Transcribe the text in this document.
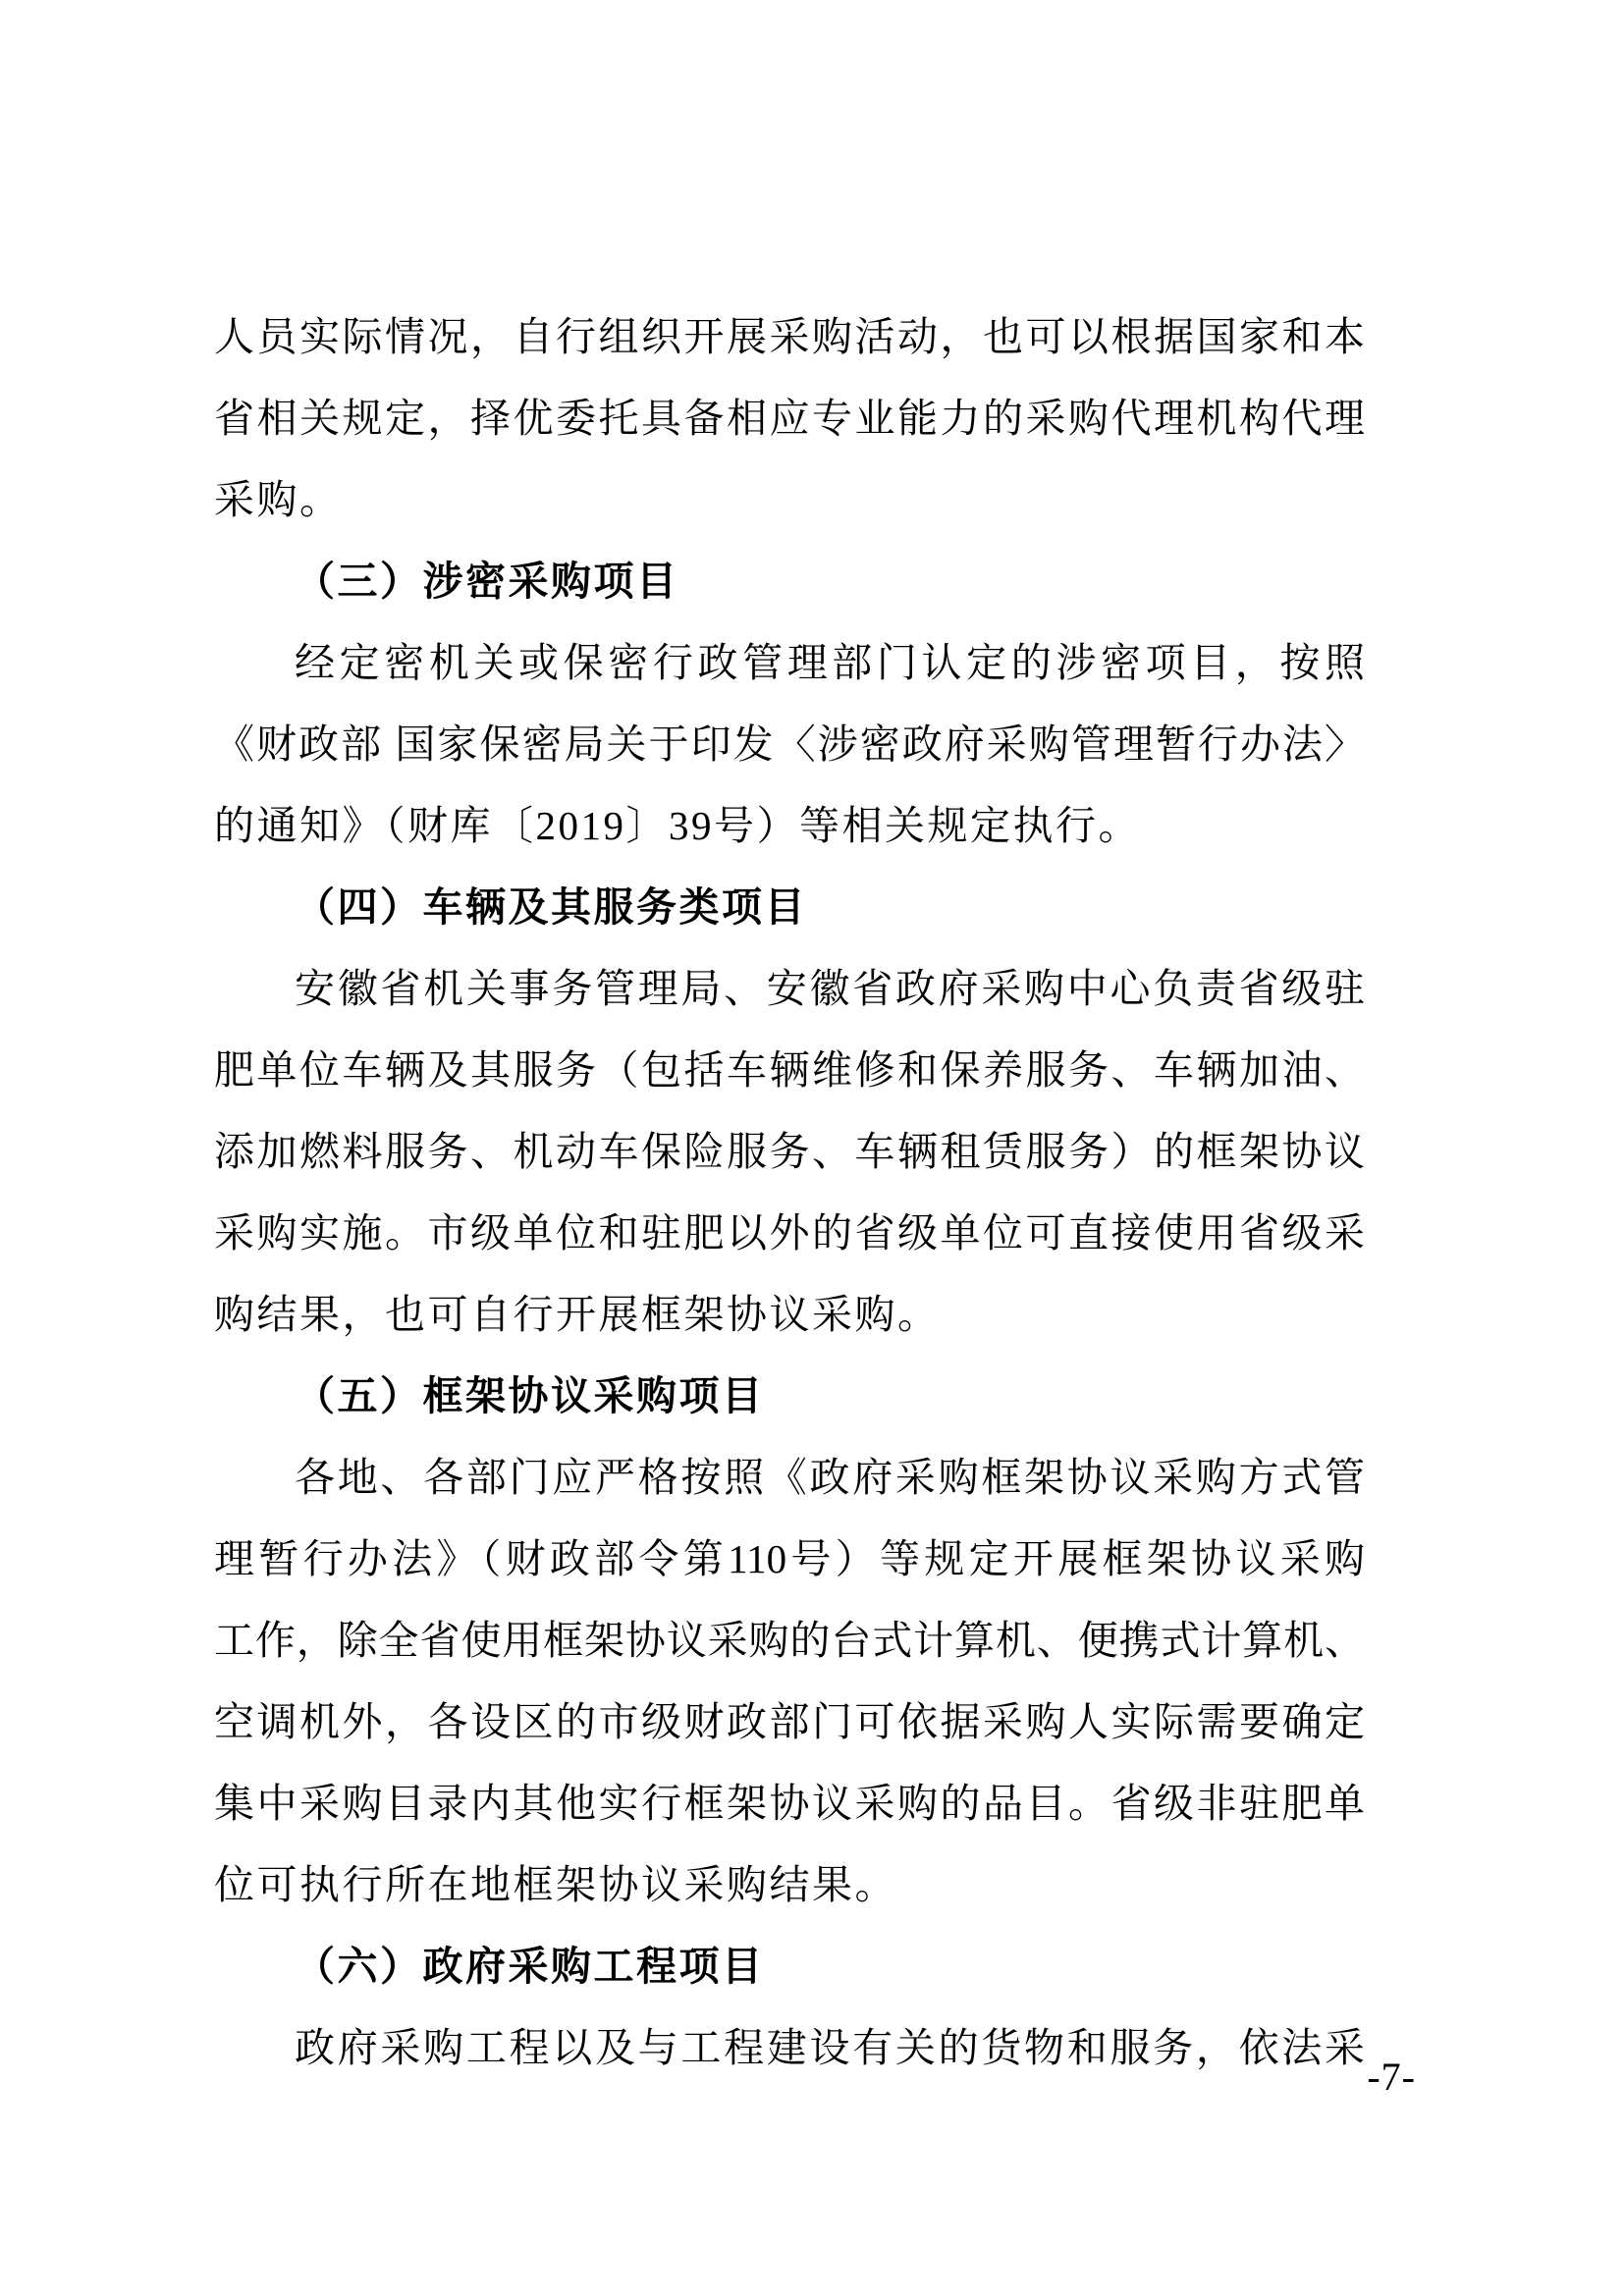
人员实际情况，自行组织开展采购活动，也可以根据国家和本
省相关规定，择优委托具备相应专业能力的采购代理机构代理
采购。
（三）涉密采购项目
经定密机关或保密行政管理部门认定的涉密项目，按照
《财政部 国家保密局关于印发〈涉密政府采购管理暂行办法〉
的通知》（财库〔2019〕39号）等相关规定执行。
（四）车辆及其服务类项目
安徽省机关事务管理局、安徽省政府采购中心负责省级驻
肥单位车辆及其服务（包括车辆维修和保养服务、车辆加油、
添加燃料服务、机动车保险服务、车辆租赁服务）的框架协议
采购实施。市级单位和驻肥以外的省级单位可直接使用省级采
购结果，也可自行开展框架协议采购。
（五）框架协议采购项目
各地、各部门应严格按照《政府采购框架协议采购方式管
理暂行办法》（财政部令第110号）等规定开展框架协议采购
工作，除全省使用框架协议采购的台式计算机、便携式计算机、
空调机外，各设区的市级财政部门可依据采购人实际需要确定
集中采购目录内其他实行框架协议采购的品目。省级非驻肥单
位可执行所在地框架协议采购结果。
（六）政府采购工程项目
政府采购工程以及与工程建设有关的货物和服务，依法采
-7-
